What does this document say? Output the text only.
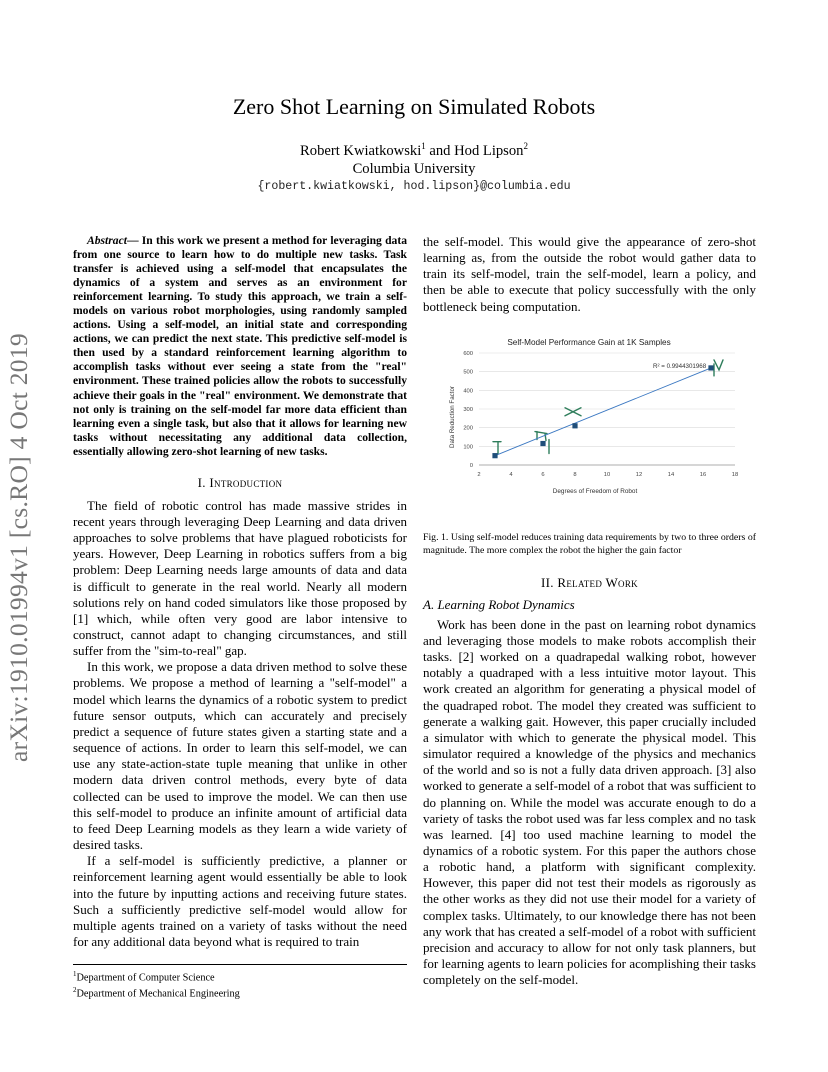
arXiv:1910.01994v1 [cs.RO] 4 Oct 2019
Zero Shot Learning on Simulated Robots
Robert Kwiatkowski$^1$ and Hod Lipson$^2$
Columbia University
{robert.kwiatkowski, hod.lipson}@columbia.edu

Abstract— In this work we present a method for leveraging data from one source to learn how to do multiple new tasks. Task transfer is achieved using a self-model that encapsulates the dynamics of a system and serves as an environment for reinforcement learning. To study this approach, we train a self-models on various robot morphologies, using randomly sampled actions. Using a self-model, an initial state and corresponding actions, we can predict the next state. This predictive self-model is then used by a standard reinforcement learning algorithm to accomplish tasks without ever seeing a state from the "real" environment. These trained policies allow the robots to successfully achieve their goals in the "real" environment. We demonstrate that not only is training on the self-model far more data efficient than learning even a single task, but also that it allows for learning new tasks without necessitating any additional data collection, essentially allowing zero-shot learning of new tasks.

I. Introduction

The field of robotic control has made massive strides in recent years through leveraging Deep Learning and data driven approaches to solve problems that have plagued roboticists for years. However, Deep Learning in robotics suffers from a big problem: Deep Learning needs large amounts of data and data is difficult to generate in the real world. Nearly all modern solutions rely on hand coded simulators like those proposed by [1] which, while often very good are labor intensive to construct, cannot adapt to changing circumstances, and still suffer from the "sim-to-real" gap.

In this work, we propose a data driven method to solve these problems. We propose a method of learning a "self-model" a model which learns the dynamics of a robotic system to predict future sensor outputs, which can accurately and precisely predict a sequence of future states given a starting state and a sequence of actions. In order to learn this self-model, we can use any state-action-state tuple meaning that unlike in other modern data driven control methods, every byte of data collected can be used to improve the model. We can then use this self-model to produce an infinite amount of artificial data to feed Deep Learning models as they learn a wide variety of desired tasks.

If a self-model is sufficiently predictive, a planner or reinforcement learning agent would essentially be able to look into the future by inputting actions and receiving future states. Such a sufficiently predictive self-model would allow for multiple agents trained on a variety of tasks without the need for any additional data beyond what is required to train

$^1$Department of Computer Science
$^2$Department of Mechanical Engineering

the self-model. This would give the appearance of zero-shot learning as, from the outside the robot would gather data to train its self-model, train the self-model, learn a policy, and then be able to execute that policy successfully with the only bottleneck being computation.

Self-Model Performance Gain at 1K Samples
0
100
200
300
400
500
600
2	4	6	8	10	12	14	16	18
R² = 0.9944301968
Degrees of Freedom of Robot
Data Reduction Factor

Fig. 1. Using self-model reduces training data requirements by two to three orders of magnitude. The more complex the robot the higher the gain factor

II. Related Work

A. Learning Robot Dynamics

Work has been done in the past on learning robot dynamics and leveraging those models to make robots accomplish their tasks. [2] worked on a quadrapedal walking robot, however notably a quadraped with a less intuitive motor layout. This work created an algorithm for generating a physical model of the quadraped robot. The model they created was sufficient to generate a walking gait. However, this paper crucially included a simulator with which to generate the physical model. This simulator required a knowledge of the physics and mechanics of the world and so is not a fully data driven approach. [3] also worked to generate a self-model of a robot that was sufficient to do planning on. While the model was accurate enough to do a variety of tasks the robot used was far less complex and no task was learned. [4] too used machine learning to model the dynamics of a robotic system. For this paper the authors chose a robotic hand, a platform with significant complexity. However, this paper did not test their models as rigorously as the other works as they did not use their model for a variety of complex tasks. Ultimately, to our knowledge there has not been any work that has created a self-model of a robot with sufficient precision and accuracy to allow for not only task planners, but for learning agents to learn policies for acomplishing their tasks completely on the self-model.
